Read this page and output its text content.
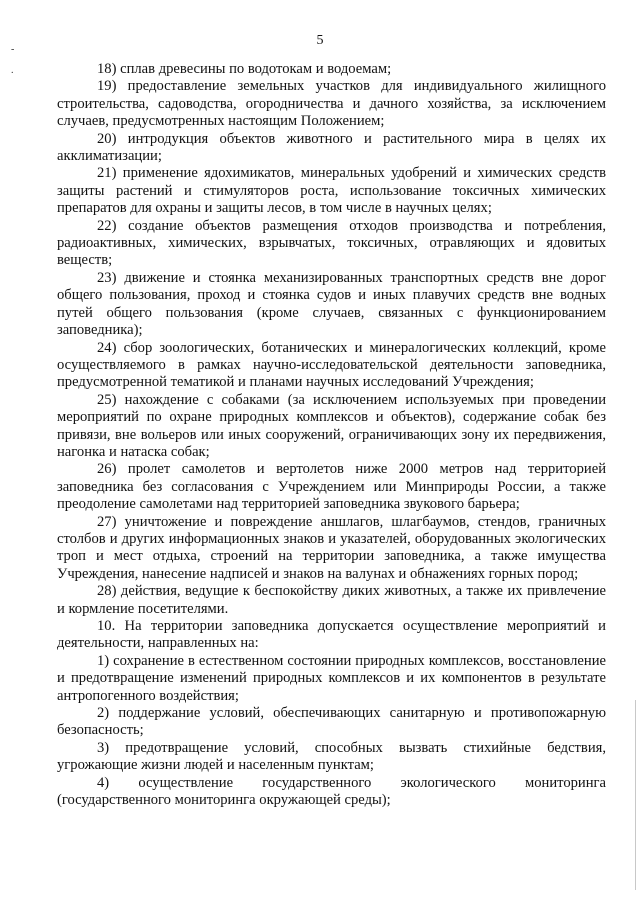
5
-
.	18) сплав древесины по водотокам и водоемам;

19) предоставление земельных участков для индивидуального жилищного строительства, садоводства, огородничества и дачного хозяйства, за исключением случаев, предусмотренных настоящим Положением;

20) интродукция объектов животного и растительного мира в целях их акклиматизации;

21) применение ядохимикатов, минеральных удобрений и химических средств защиты растений и стимуляторов роста, использование токсичных химических препаратов для охраны и защиты лесов, в том числе в научных целях;

22) создание объектов размещения отходов производства и потребления, радиоактивных, химических, взрывчатых, токсичных, отравляющих и ядовитых веществ;

23) движение и стоянка механизированных транспортных средств вне дорог общего пользования, проход и стоянка судов и иных плавучих средств вне водных путей общего пользования (кроме случаев, связанных с функционированием заповедника);

24) сбор зоологических, ботанических и минералогических коллекций, кроме осуществляемого в рамках научно-исследовательской деятельности заповедника, предусмотренной тематикой и планами научных исследований Учреждения;

25) нахождение с собаками (за исключением используемых при проведении мероприятий по охране природных комплексов и объектов), содержание собак без привязи, вне вольеров или иных сооружений, ограничивающих зону их передвижения, нагонка и натаска собак;

26) пролет самолетов и вертолетов ниже 2000 метров над территорией заповедника без согласования с Учреждением или Минприроды России, а также преодоление самолетами над территорией заповедника звукового барьера;

27) уничтожение и повреждение аншлагов, шлагбаумов, стендов, граничных столбов и других информационных знаков и указателей, оборудованных экологических троп и мест отдыха, строений на территории заповедника, а также имущества Учреждения, нанесение надписей и знаков на валунах и обнажениях горных пород;

28) действия, ведущие к беспокойству диких животных, а также их привлечение и кормление посетителями.

10. На территории заповедника допускается осуществление мероприятий и деятельности, направленных на:

1) сохранение в естественном состоянии природных комплексов, восстановление и предотвращение изменений природных комплексов и их компонентов в результате антропогенного воздействия;

2) поддержание условий, обеспечивающих санитарную и противопожарную безопасность;

3) предотвращение условий, способных вызвать стихийные бедствия, угрожающие жизни людей и населенным пунктам;

4) осуществление государственного экологического мониторинга (государственного мониторинга окружающей среды);
